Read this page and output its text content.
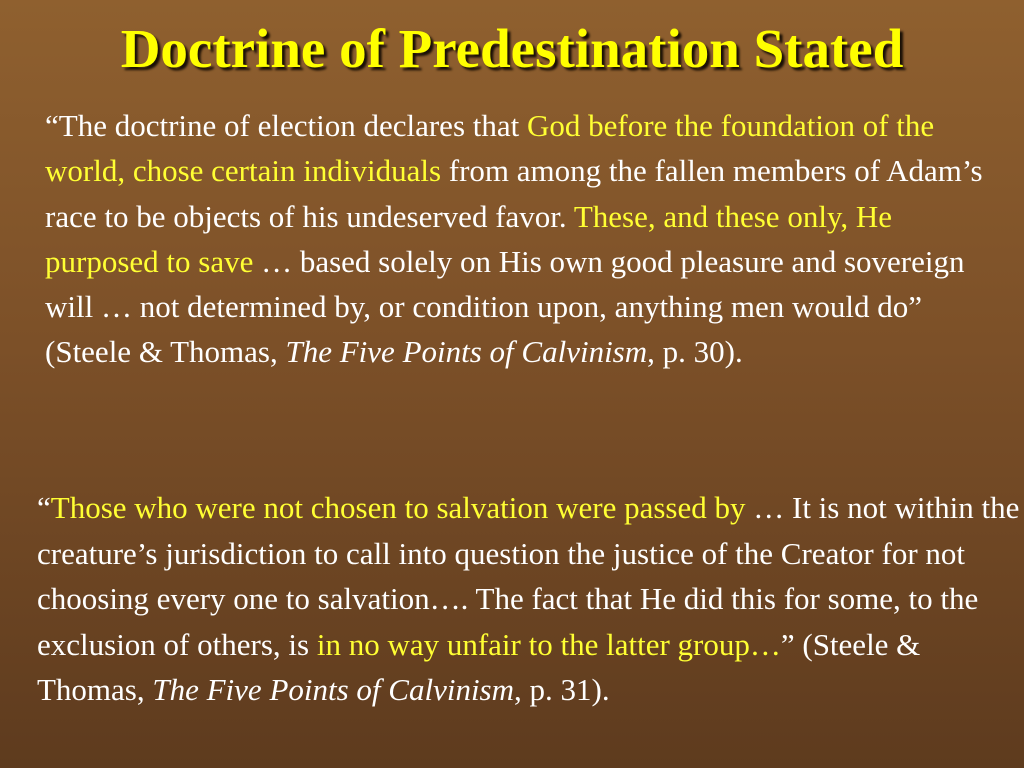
Doctrine of Predestination Stated
“The doctrine of election declares that God before the foundation of the world, chose certain individuals from among the fallen members of Adam’s race to be objects of his undeserved favor. These, and these only, He purposed to save … based solely on His own good pleasure and sovereign will … not determined by, or condition upon, anything men would do” (Steele & Thomas, The Five Points of Calvinism, p. 30).
“Those who were not chosen to salvation were passed by … It is not within the creature’s jurisdiction to call into question the justice of the Creator for not choosing every one to salvation…. The fact that He did this for some, to the exclusion of others, is in no way unfair to the latter group…” (Steele & Thomas, The Five Points of Calvinism, p. 31).
